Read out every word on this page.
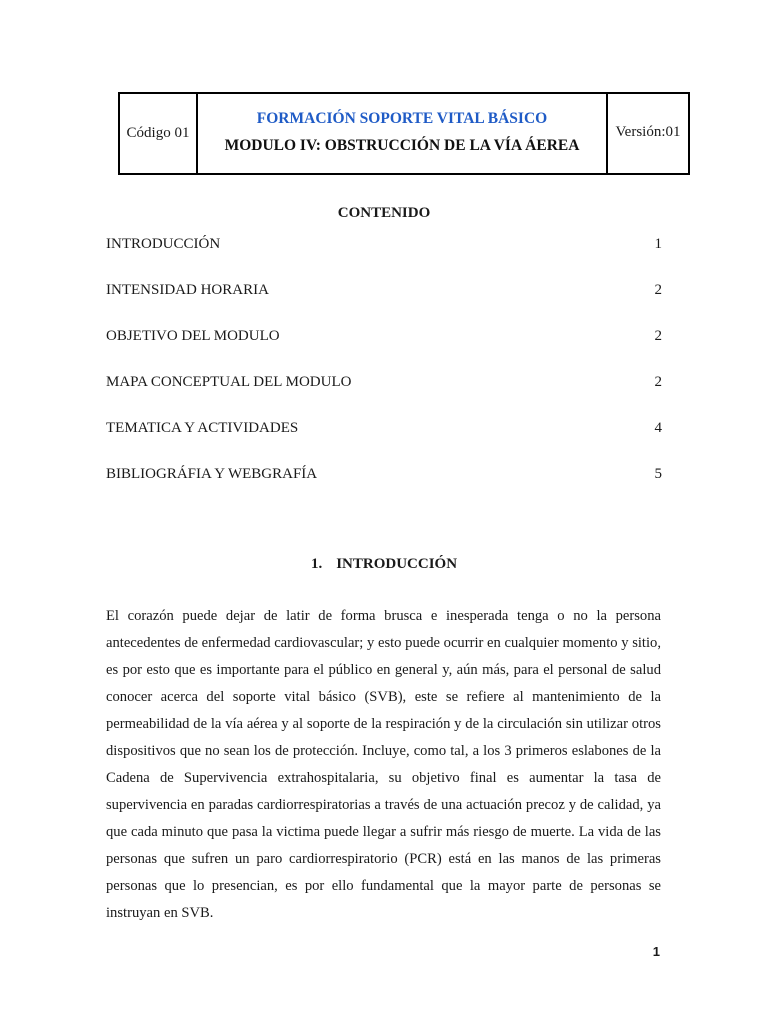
Código 01
FORMACIÓN SOPORTE VITAL BÁSICO
MODULO IV: OBSTRUCCIÓN DE LA VÍA ÁEREA
Versión:01
CONTENIDO
INTRODUCCIÓN	1
INTENSIDAD HORARIA	2
OBJETIVO DEL MODULO	2
MAPA CONCEPTUAL DEL MODULO	2
TEMATICA Y ACTIVIDADES	4
BIBLIOGRÁFIA Y WEBGRAFÍA	5
1. INTRODUCCIÓN

El corazón puede dejar de latir de forma brusca e inesperada tenga o no la persona antecedentes de enfermedad cardiovascular; y esto puede ocurrir en cualquier momento y sitio, es por esto que es importante para el público en general y, aún más, para el personal de salud conocer acerca del soporte vital básico (SVB), este se refiere al mantenimiento de la permeabilidad de la vía aérea y al soporte de la respiración y de la circulación sin utilizar otros dispositivos que no sean los de protección. Incluye, como tal, a los 3 primeros eslabones de la Cadena de Supervivencia extrahospitalaria, su objetivo final es aumentar la tasa de supervivencia en paradas cardiorrespiratorias a través de una actuación precoz y de calidad, ya que cada minuto que pasa la victima puede llegar a sufrir más riesgo de muerte. La vida de las personas que sufren un paro cardiorrespiratorio (PCR) está en las manos de las primeras personas que lo presencian, es por ello fundamental que la mayor parte de personas se instruyan en SVB.

1
